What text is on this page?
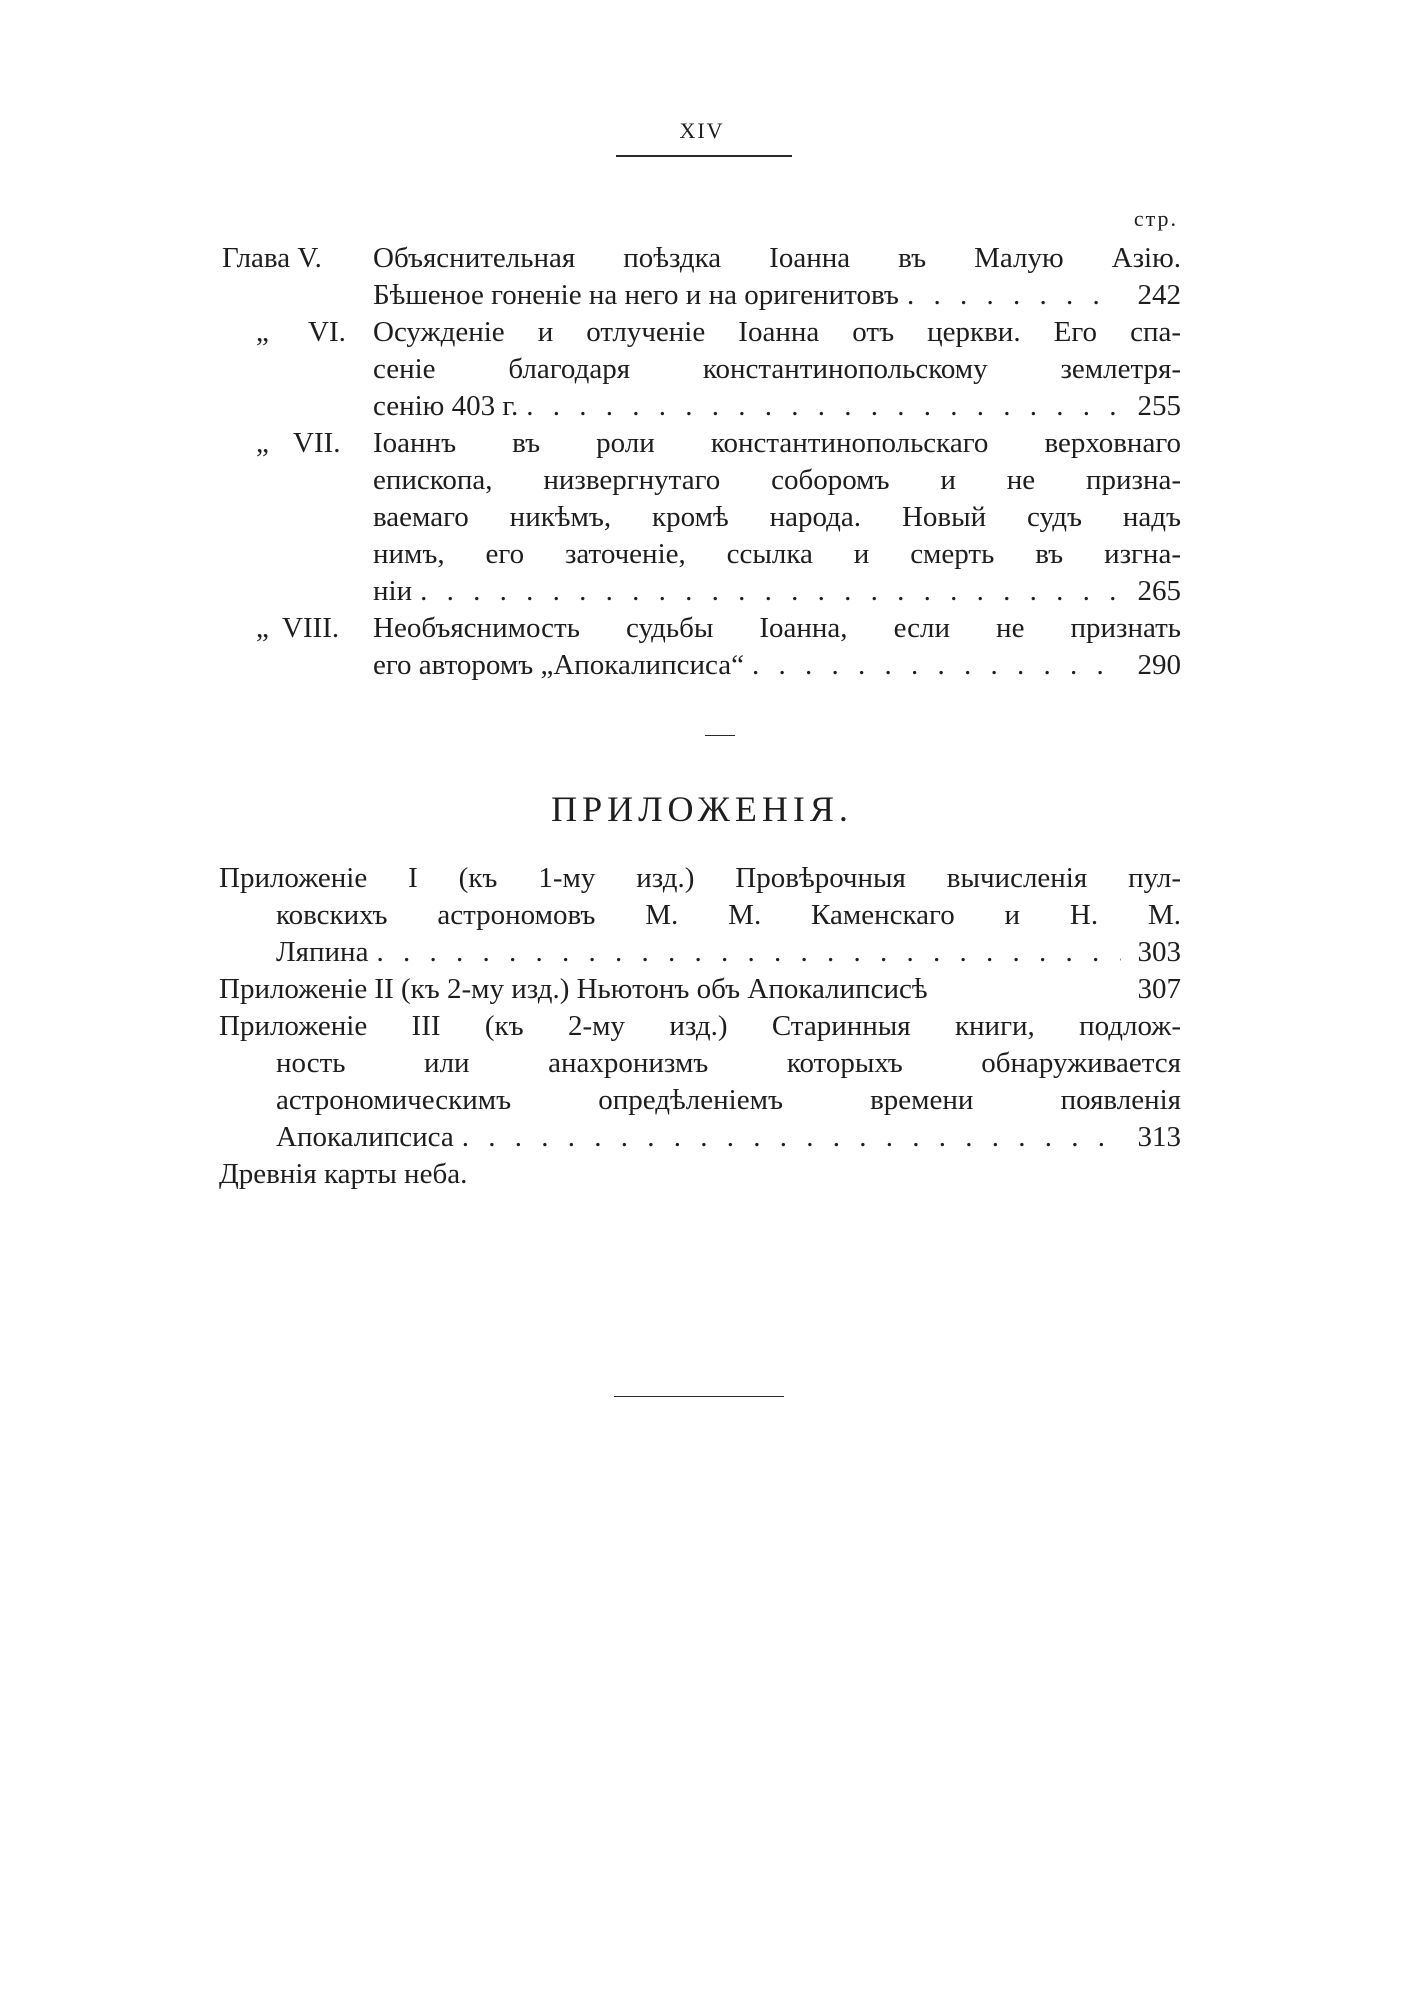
XIV
стр.
Глава V. Объяснительная поѣздка Іоанна въ Малую Азію.
Бѣшеное гоненіе на него и на оригенитовъ . . .	242
„ VI. Осужденіе и отлученіе Іоанна отъ церкви. Его спа-
сеніе благодаря константинопольскому землетря-
сенію 403 г. . . .	255
„ VII. Іоаннъ въ роли константинопольскаго верховнаго
епископа, низвергнутаго соборомъ и не призна-
ваемаго никѣмъ, кромѣ народа. Новый судъ надъ
нимъ, его заточеніе, ссылка и смерть въ изгна-
ніи . . .	265
„ VIII. Необъяснимость судьбы Іоанна, если не признать
его авторомъ „Апокалипсиса“ . . .	290
ПРИЛОЖЕНІЯ.
Приложеніе I (къ 1-му изд.) Провѣрочныя вычисленія пул-
ковскихъ астрономовъ М. М. Каменскаго и Н. М.
Ляпина . . .	303
Приложеніе II (къ 2-му изд.) Ньютонъ объ Апокалипсисѣ	307
Приложеніе III (къ 2-му изд.) Старинныя книги, подлож-
ность или анахронизмъ которыхъ обнаруживается
астрономическимъ опредѣленіемъ времени появленія
Апокалипсиса . . .	313
Древнія карты неба.
